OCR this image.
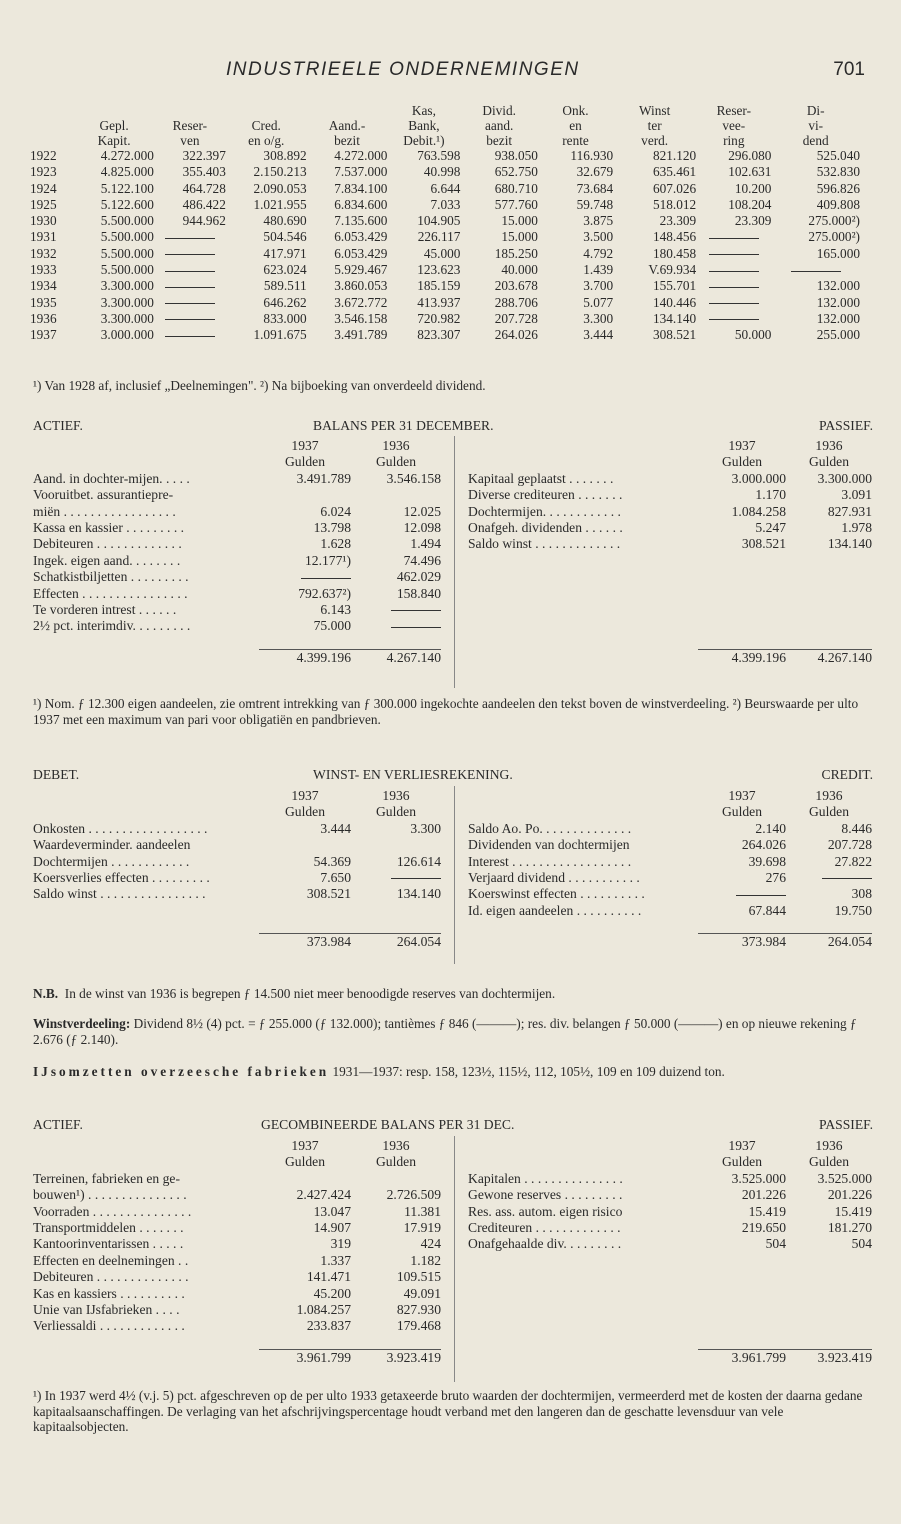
INDUSTRIEELE ONDERNEMINGEN	701
					Kas,	Divid.	Onk.	Winst	Reser-	Di-
	Gepl.	Reser-	Cred.	Aand.-	Bank,	aand.	en	ter	vee-	vi-
	Kapit.	ven	en o/g.	bezit	Debit.¹)	bezit	rente	verd.	ring	dend
1922	4.272.000	322.397	308.892	4.272.000	763.598	938.050	116.930	821.120	296.080	525.040
1923	4.825.000	355.403	2.150.213	7.537.000	40.998	652.750	32.679	635.461	102.631	532.830
1924	5.122.100	464.728	2.090.053	7.834.100	6.644	680.710	73.684	607.026	10.200	596.826
1925	5.122.600	486.422	1.021.955	6.834.600	7.033	577.760	59.748	518.012	108.204	409.808
1930	5.500.000	944.962	480.690	7.135.600	104.905	15.000	3.875	23.309	23.309	275.000²)
1931	5.500.000		504.546	6.053.429	226.117	15.000	3.500	148.456		275.000²)
1932	5.500.000		417.971	6.053.429	45.000	185.250	4.792	180.458		165.000
1933	5.500.000		623.024	5.929.467	123.623	40.000	1.439	V.69.934		
1934	3.300.000		589.511	3.860.053	185.159	203.678	3.700	155.701		132.000
1935	3.300.000		646.262	3.672.772	413.937	288.706	5.077	140.446		132.000
1936	3.300.000		833.000	3.546.158	720.982	207.728	3.300	134.140		132.000
1937	3.000.000		1.091.675	3.491.789	823.307	264.026	3.444	308.521	50.000	255.000
¹) Van 1928 af, inclusief „Deelnemingen". ²) Na bijboeking van onverdeeld dividend.
ACTIEF.	BALANS PER 31 DECEMBER.	PASSIEF.
	1937	1936
	Gulden	Gulden
Aand. in dochter-mijen. . . . .	3.491.789	3.546.158
Vooruitbet. assurantiepre-		
miën . . . . . . . . . . . . . . . . .	6.024	12.025
Kassa en kassier . . . . . . . . .	13.798	12.098
Debiteuren . . . . . . . . . . . . .	1.628	1.494
Ingek. eigen aand. . . . . . . .	12.177¹)	74.496
Schatkistbiljetten . . . . . . . . .		462.029
Effecten . . . . . . . . . . . . . . . .	792.637²)	158.840
Te vorderen intrest . . . . . .	6.143	
2½ pct. interimdiv. . . . . . . . .	75.000	

	4.399.196	4.267.140
	1937	1936
	Gulden	Gulden
Kapitaal geplaatst . . . . . . .	3.000.000	3.300.000
Diverse crediteuren . . . . . . .	1.170	3.091
Dochtermijen. . . . . . . . . . . .	1.084.258	827.931
Onafgeh. dividenden . . . . . .	5.247	1.978
Saldo winst . . . . . . . . . . . . .	308.521	134.140

	4.399.196	4.267.140
¹) Nom. ƒ 12.300 eigen aandeelen, zie omtrent intrekking van ƒ 300.000 ingekochte aandeelen den tekst boven de winstverdeeling. ²) Beurswaarde per ulto 1937 met een maximum van pari voor obligatiën en pandbrieven.
DEBET.	WINST- EN VERLIESREKENING.	CREDIT.
	1937	1936
	Gulden	Gulden
Onkosten . . . . . . . . . . . . . . . . . .	3.444	3.300
Waardeverminder. aandeelen		
Dochtermijen . . . . . . . . . . . .	54.369	126.614
Koersverlies effecten . . . . . . . . .	7.650	
Saldo winst . . . . . . . . . . . . . . . .	308.521	134.140

	373.984	264.054
	1937	1936
	Gulden	Gulden
Saldo Ao. Po. . . . . . . . . . . . . .	2.140	8.446
Dividenden van dochtermijen	264.026	207.728
Interest . . . . . . . . . . . . . . . . . .	39.698	27.822
Verjaard dividend . . . . . . . . . . .	276	
Koerswinst effecten . . . . . . . . . .		308
Id. eigen aandeelen . . . . . . . . . .	67.844	19.750

	373.984	264.054
N.B. In de winst van 1936 is begrepen ƒ 14.500 niet meer benoodigde reserves van dochtermijen.
Winstverdeeling: Dividend 8½ (4) pct. = ƒ 255.000 (ƒ 132.000); tantièmes ƒ 846 (———); res. div. belangen ƒ 50.000 (———) en op nieuwe rekening ƒ 2.676 (ƒ 2.140).
IJsomzetten overzeesche fabrieken 1931—1937: resp. 158, 123½, 115½, 112, 105½, 109 en 109 duizend ton.
ACTIEF.	GECOMBINEERDE BALANS PER 31 DEC.	PASSIEF.
	1937	1936
	Gulden	Gulden
Terreinen, fabrieken en ge-		
bouwen¹) . . . . . . . . . . . . . . .	2.427.424	2.726.509
Voorraden . . . . . . . . . . . . . . .	13.047	11.381
Transportmiddelen . . . . . . .	14.907	17.919
Kantoorinventarissen . . . . .	319	424
Effecten en deelnemingen . .	1.337	1.182
Debiteuren . . . . . . . . . . . . . .	141.471	109.515
Kas en kassiers . . . . . . . . . .	45.200	49.091
Unie van IJsfabrieken . . . .	1.084.257	827.930
Verliessaldi . . . . . . . . . . . . .	233.837	179.468

	3.961.799	3.923.419
	1937	1936
	Gulden	Gulden
Kapitalen . . . . . . . . . . . . . . .	3.525.000	3.525.000
Gewone reserves . . . . . . . . .	201.226	201.226
Res. ass. autom. eigen risico	15.419	15.419
Crediteuren . . . . . . . . . . . . .	219.650	181.270
Onafgehaalde div. . . . . . . . .	504	504

	3.961.799	3.923.419
¹) In 1937 werd 4½ (v.j. 5) pct. afgeschreven op de per ulto 1933 getaxeerde bruto waarden der dochtermijen, vermeerderd met de kosten der daarna gedane kapitaalsaanschaffingen. De verlaging van het afschrijvingspercentage houdt verband met den langeren dan de geschatte levensduur van vele kapitaalsobjecten.
